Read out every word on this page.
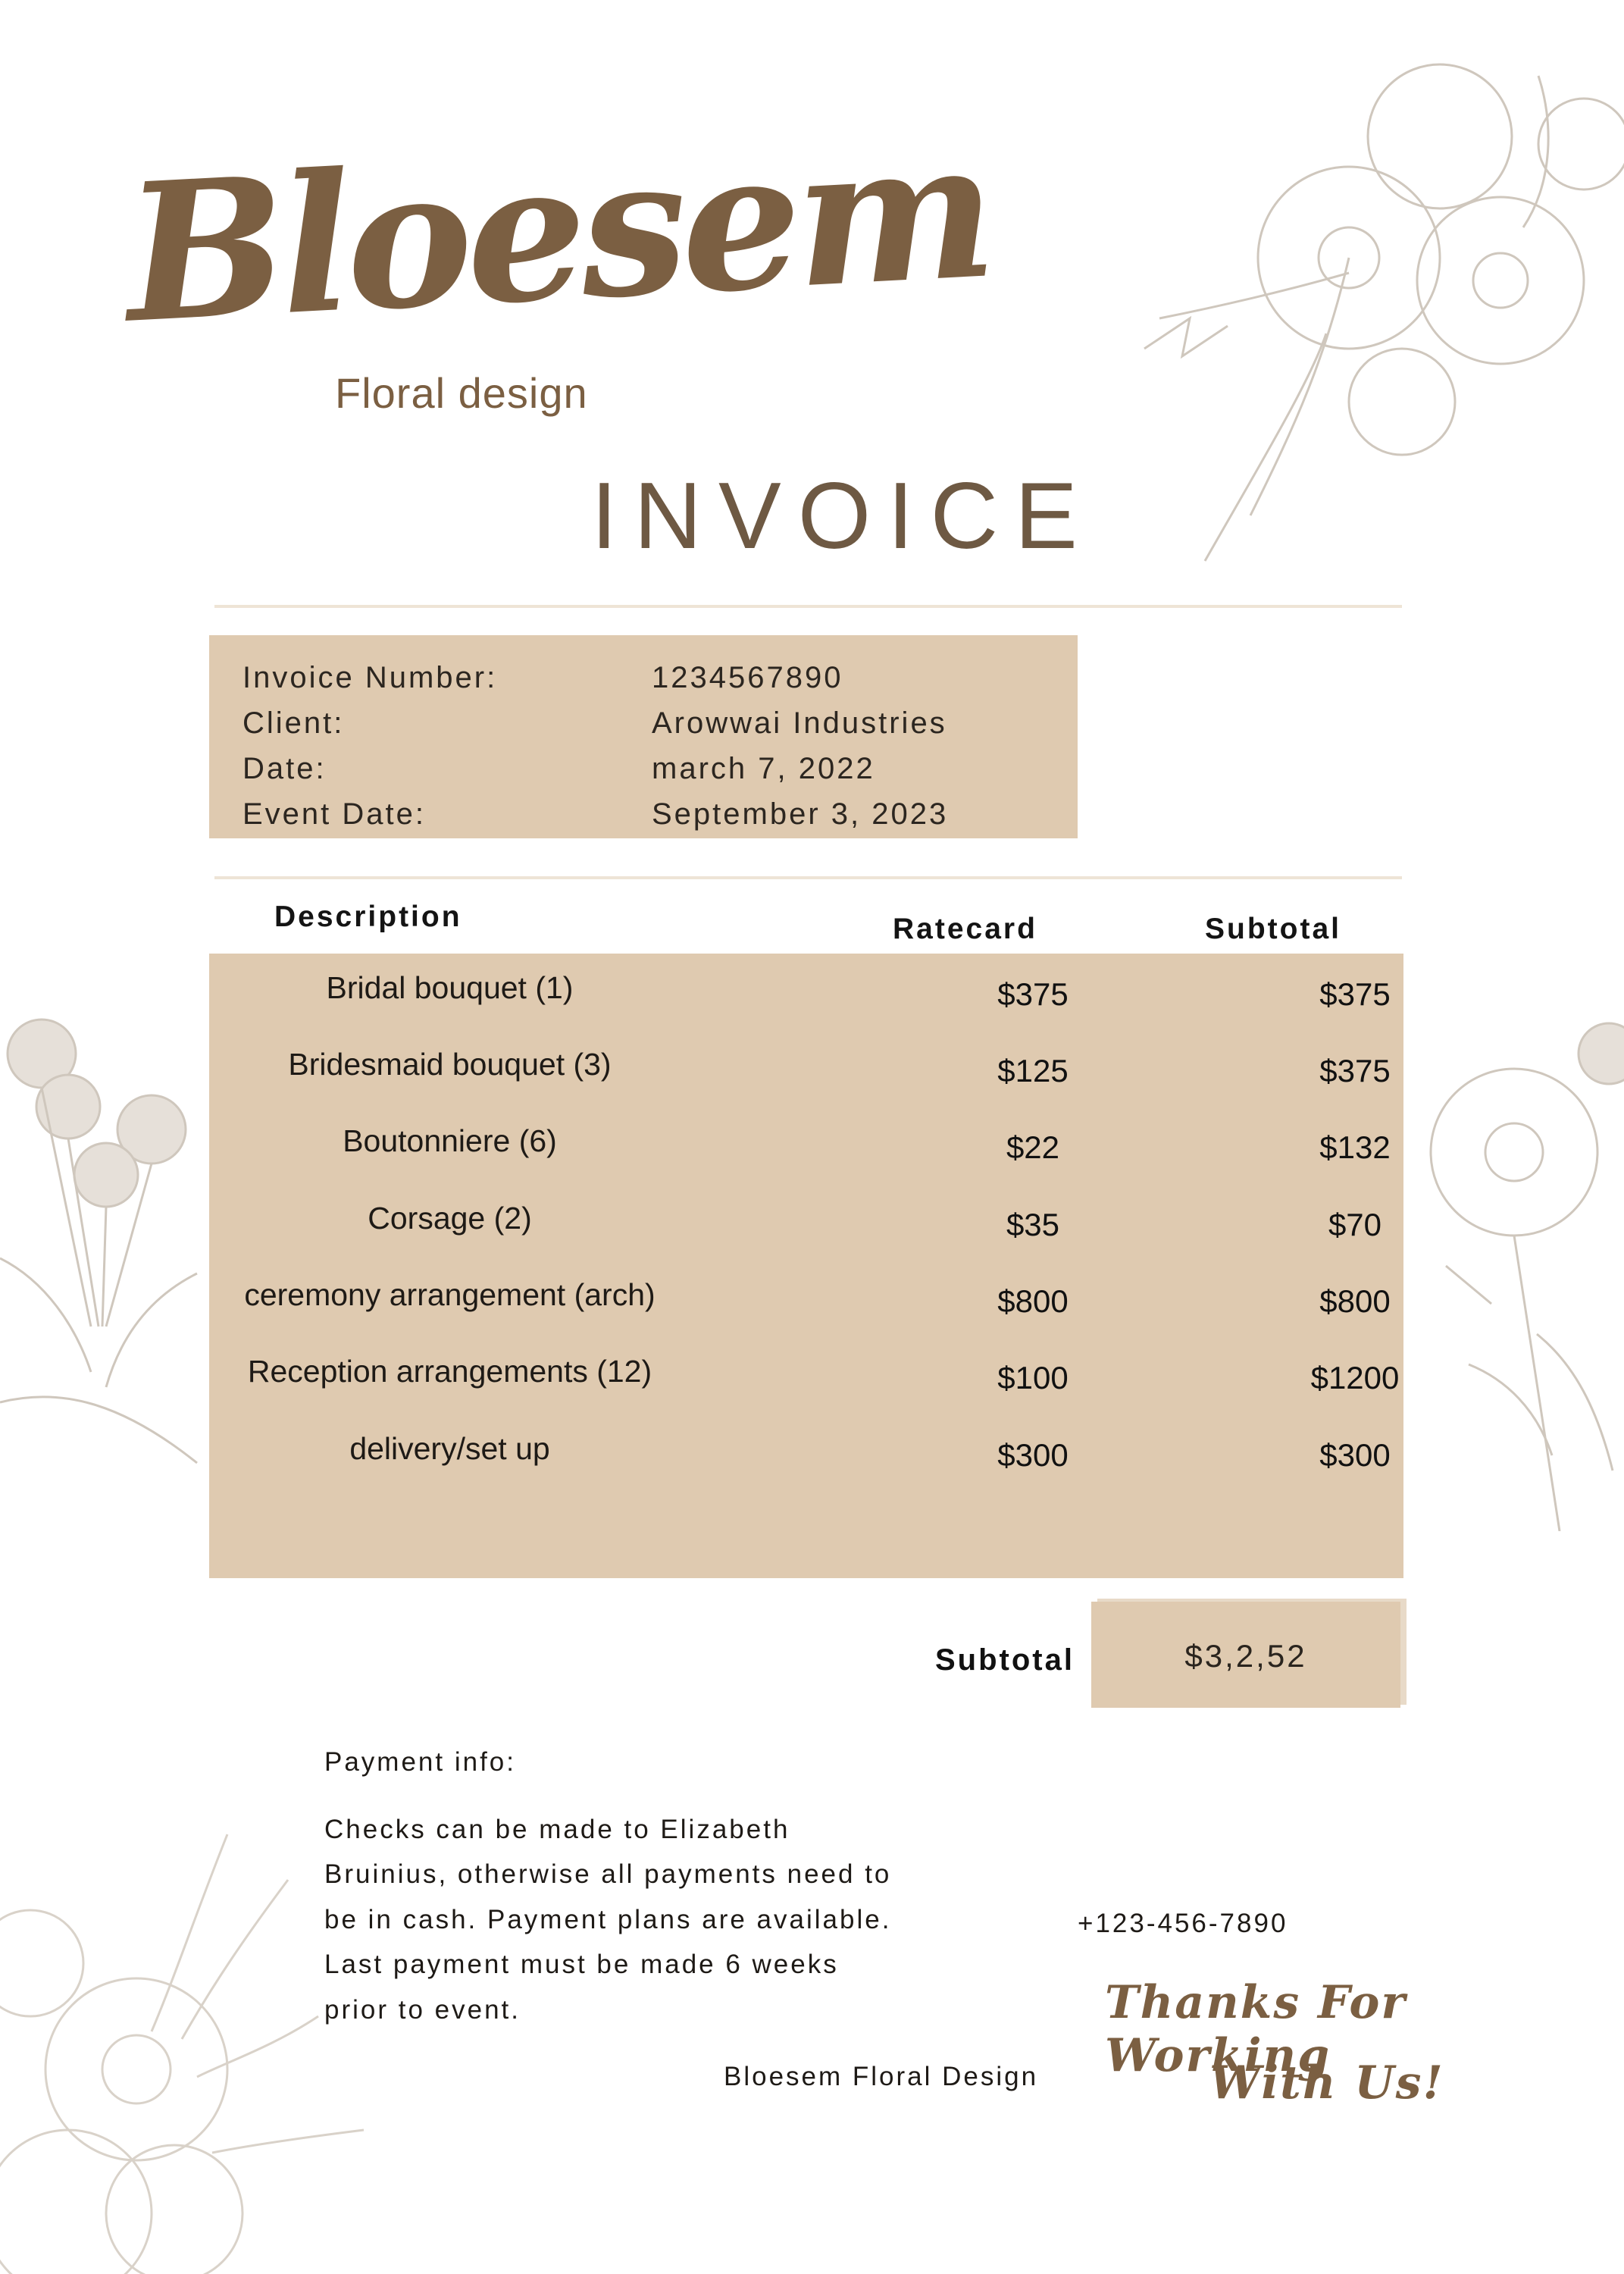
Bloesem
Floral design
INVOICE
Invoice Number:	1234567890
Client:	Arowwai Industries
Date:	march 7, 2022
Event Date:	September 3, 2023
Description	Ratecard	Subtotal
Bridal bouquet (1)	$375	$375
Bridesmaid bouquet (3)	$125	$375
Boutonniere (6)	$22	$132
Corsage (2)	$35	$70
ceremony arrangement (arch)	$800	$800
Reception arrangements (12)	$100	$1200
delivery/set up	$300	$300
Subtotal	$3,2,52
Payment info:
Checks can be made to Elizabeth
Bruinius, otherwise all payments need to
be in cash. Payment plans are available.
Last payment must be made 6 weeks
prior to event.
Bloesem Floral Design
+123-456-7890
Thanks For Working
With Us!
